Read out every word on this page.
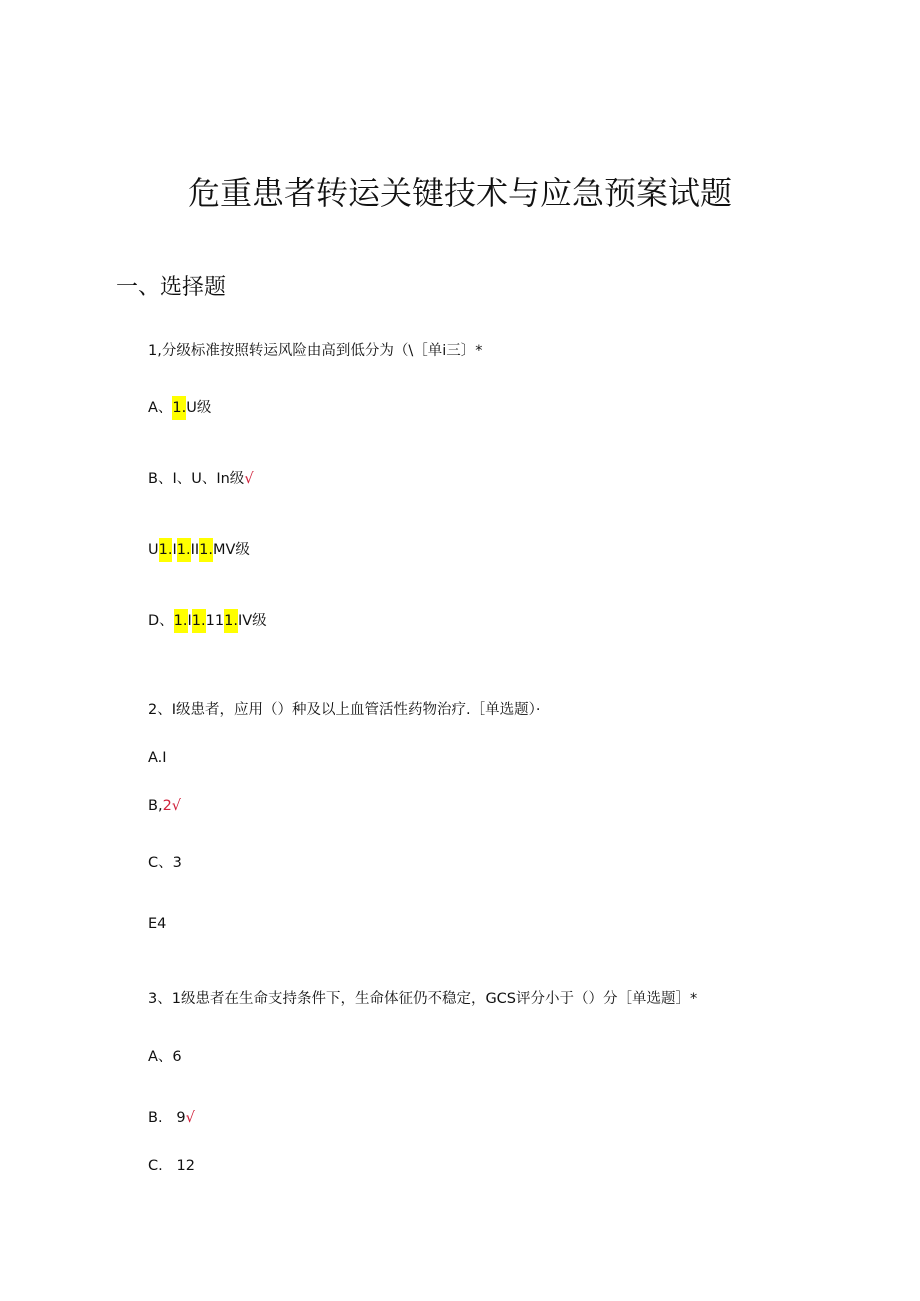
危重患者转运关键技术与应急预案试题
一、选择题
1,分级标准按照转运风险由高到低分为（\［单i三〕*
A、1.U级
B、I、U、In级√
U1.I1.II1.MV级
D、1.I1.111.IV级
2、I级患者，应用（）种及以上血管活性药物治疗.［单选题）·
A.I
B,2√
C、3
E4
3、1级患者在生命支持条件下，生命体征仍不稳定，GCS评分小于（）分［单选题］*
A、6
B.   9√
C.   12
